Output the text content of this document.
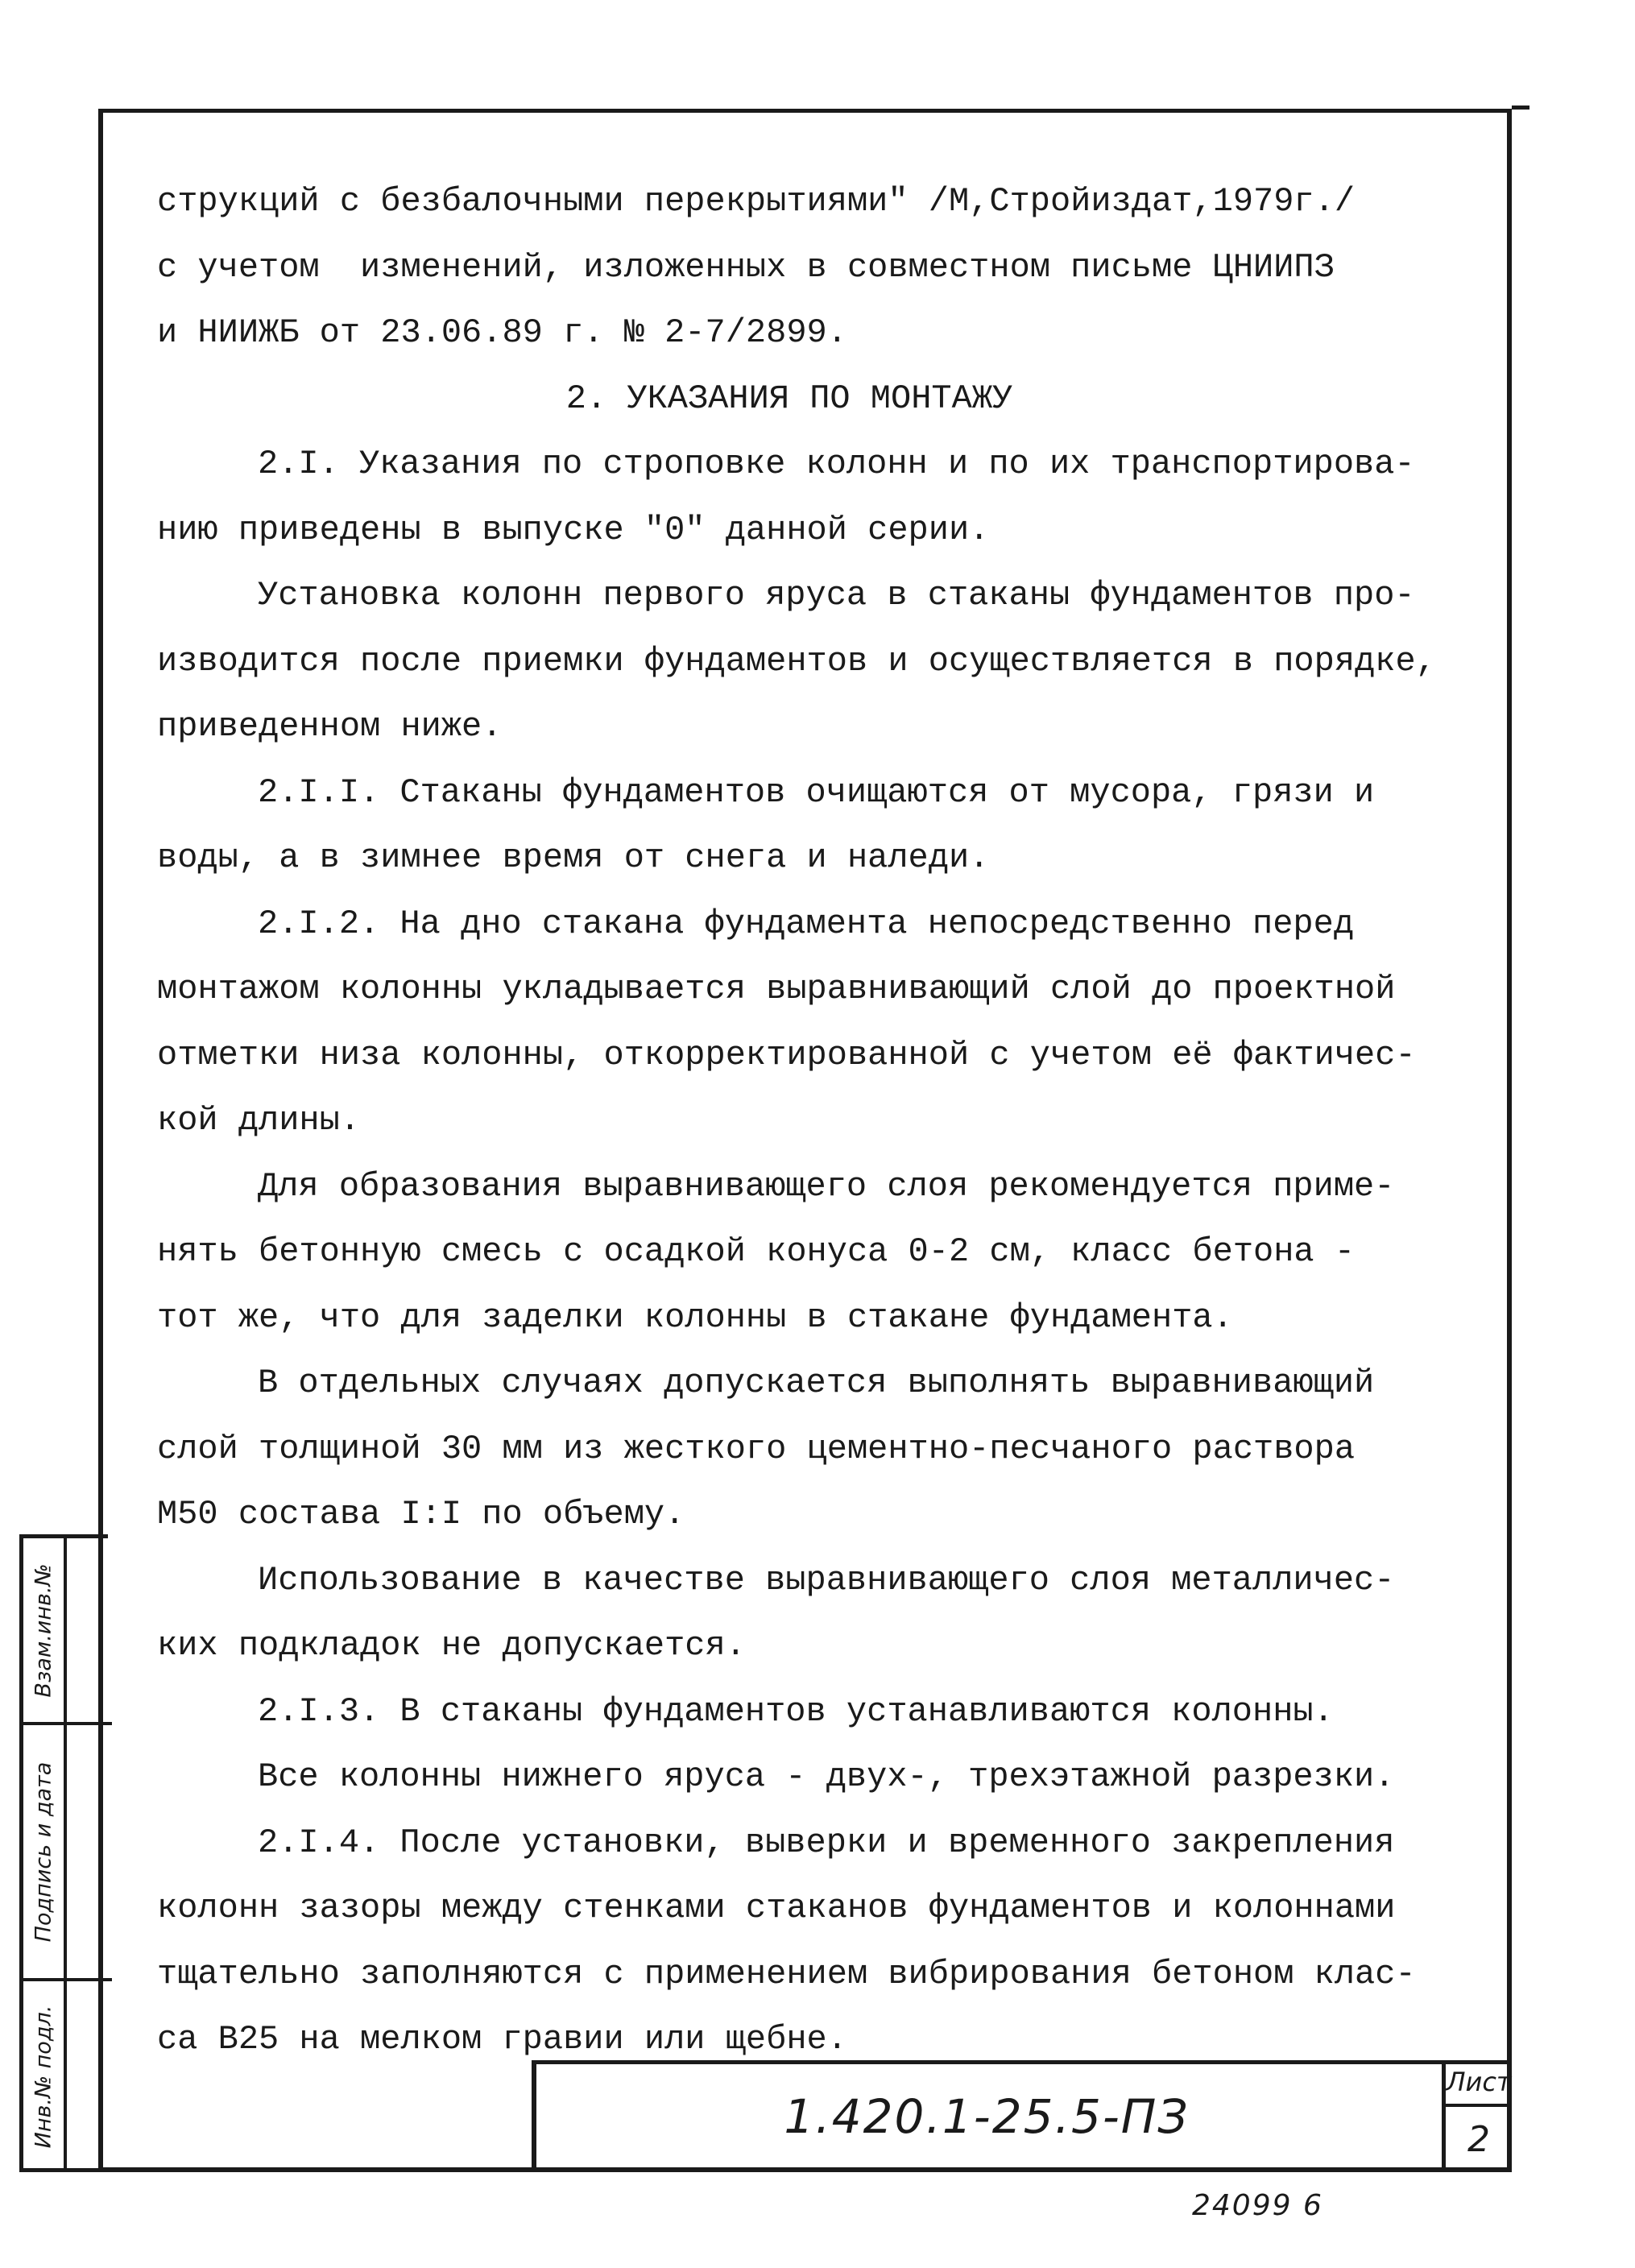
струкций с безбалочными перекрытиями" /М,Стройиздат,1979г./
с учетом  изменений, изложенных в совместном письме ЦНИИПЗ
и НИИЖБ от 23.06.89 г. № 2-7/2899.
2. УКАЗАНИЯ ПО МОНТАЖУ
2.I. Указания по строповке колонн и по их транспортирова-
нию приведены в выпуске "0" данной серии.
Установка колонн первого яруса в стаканы фундаментов про-
изводится после приемки фундаментов и осуществляется в порядке,
приведенном ниже.
2.I.I. Стаканы фундаментов очищаются от мусора, грязи и
воды, а в зимнее время от снега и наледи.
2.I.2. На дно стакана фундамента непосредственно перед
монтажом колонны укладывается выравнивающий слой до проектной
отметки низа колонны, откорректированной с учетом её фактичес-
кой длины.
Для образования выравнивающего слоя рекомендуется приме-
нять бетонную смесь с осадкой конуса 0-2 см, класс бетона -
тот же, что для заделки колонны в стакане фундамента.
В отдельных случаях допускается выполнять выравнивающий
слой толщиной 30 мм из жесткого цементно-песчаного раствора
М50 состава I:I по объему.
Использование в качестве выравнивающего слоя металличес-
ких подкладок не допускается.
2.I.3. В стаканы фундаментов устанавливаются колонны.
Все колонны нижнего яруса - двух-, трехэтажной разрезки.
2.I.4. После установки, выверки и временного закрепления
колонн зазоры между стенками стаканов фундаментов и колоннами
тщательно заполняются с применением вибрирования бетоном клас-
са В25 на мелком гравии или щебне.
Взам.инв.№
Подпись и дата
Инв.№ подл.	1.420.1-25.5-ПЗ
Лист
2
24099 6
